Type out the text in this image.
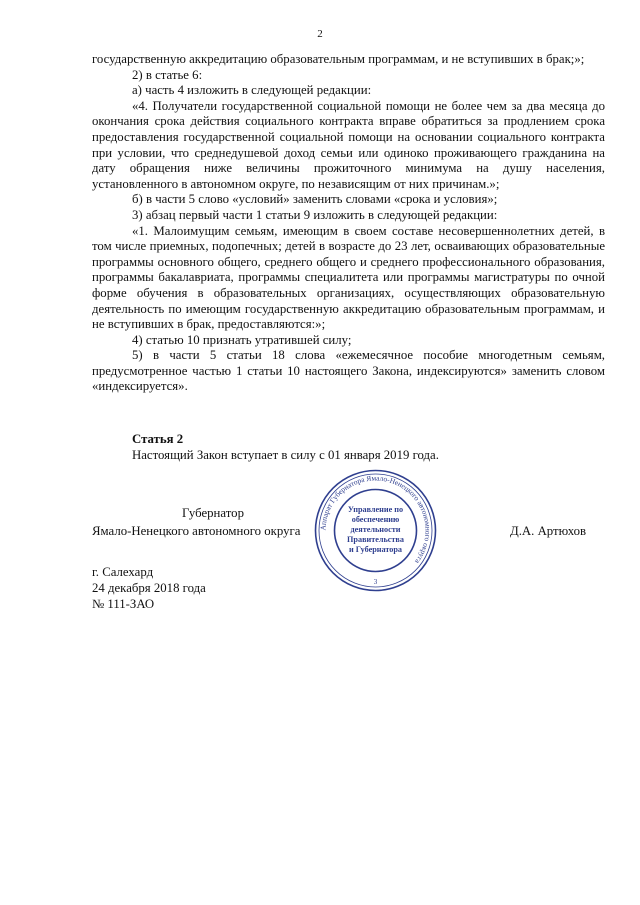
2

государственную аккредитацию образовательным программам, и не вступивших в брак;»;

2) в статье 6:

а) часть 4 изложить в следующей редакции:

«4. Получатели государственной социальной помощи не более чем за два месяца до окончания срока действия социального контракта вправе обратиться за продлением срока предоставления государственной социальной помощи на основании социального контракта при условии, что среднедушевой доход семьи или одиноко проживающего гражданина на дату обращения ниже величины прожиточного минимума на душу населения, установленного в автономном округе, по независящим от них причинам.»;

б) в части 5 слово «условий» заменить словами «срока и условия»;

3) абзац первый части 1 статьи 9 изложить в следующей редакции:

«1. Малоимущим семьям, имеющим в своем составе несовершеннолетних детей, в том числе приемных, подопечных; детей в возрасте до 23 лет, осваивающих образовательные программы основного общего, среднего общего и среднего профессионального образования, программы бакалавриата, программы специалитета или программы магистратуры по очной форме обучения в образовательных организациях, осуществляющих образовательную деятельность по имеющим государственную аккредитацию образовательным программам, и не вступивших в брак, предоставляются:»;

4) статью 10 признать утратившей силу;

5) в части 5 статьи 18 слова «ежемесячное пособие многодетным семьям, предусмотренное частью 1 статьи 10 настоящего Закона, индексируются» заменить словом «индексируется».

Статья 2
Настоящий Закон вступает в силу с 01 января 2019 года.
Губернатор
Ямало-Ненецкого автономного округа	Д.А. Артюхов
Аппарат Губернатора Ямало-Ненецкого автономного округа
Управление по
обеспечению
деятельности
Правительства
и Губернатора
3
г. Салехард
24 декабря 2018 года
№ 111-ЗАО
